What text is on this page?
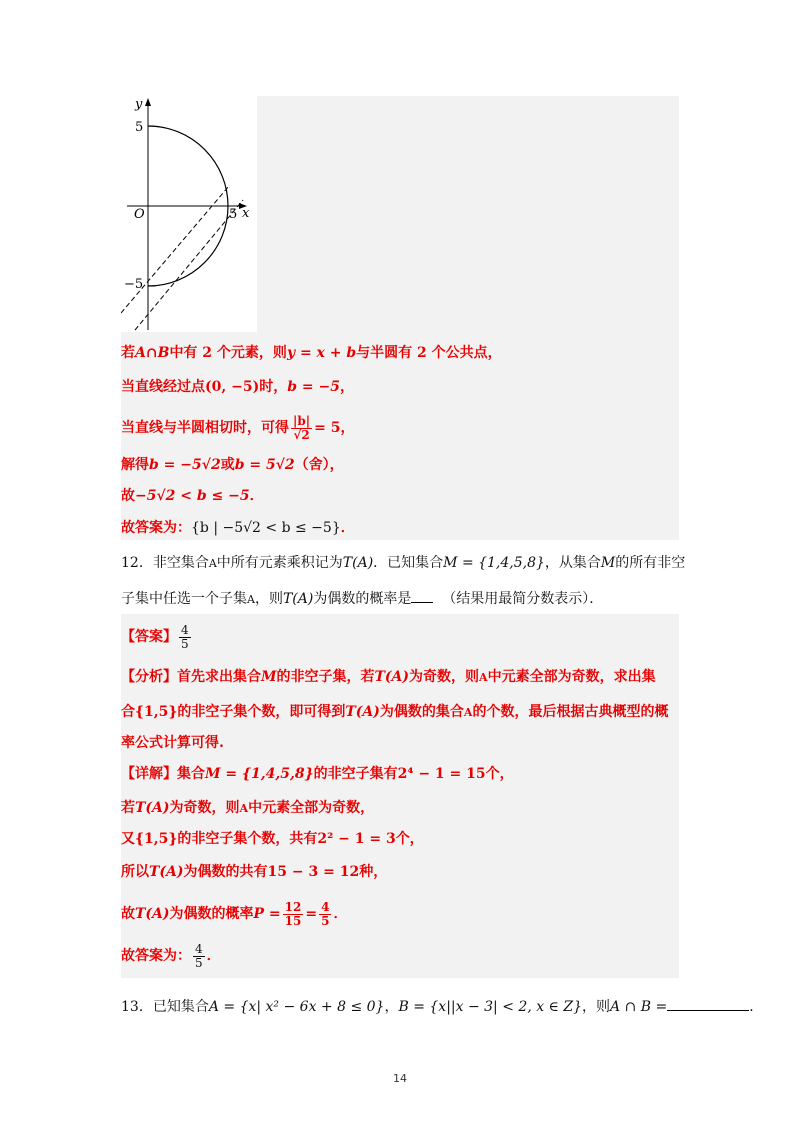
y
x
O
5
5
−5
若A∩B中有 2 个元素，则y = x + b与半圆有 2 个公共点，
当直线经过点(0, −5)时，b = −5，
当直线与半圆相切时，可得 $\frac{|b|}{√2} = 5$，
解得b = −5√2或b = 5√2（舍），
故−5√2 < b ≤ −5．
故答案为：{b | −5√2 < b ≤ −5}．
12．非空集合A中所有元素乘积记为T(A)．已知集合M = {1,4,5,8}，从集合M的所有非空
子集中任选一个子集A，则T(A)为偶数的概率是 （结果用最简分数表示）．
【答案】 $\frac{4}{5}$
【分析】首先求出集合M的非空子集，若T(A)为奇数，则A中元素全部为奇数，求出集
合{1,5}的非空子集个数，即可得到T(A)为偶数的集合A的个数，最后根据古典概型的概
率公式计算可得.
【详解】集合M = {1,4,5,8}的非空子集有2⁴ − 1 = 15个，
若T(A)为奇数，则A中元素全部为奇数，
又{1,5}的非空子集个数，共有2² − 1 = 3个，
所以T(A)为偶数的共有15 − 3 = 12种，
故T(A)为偶数的概率$P = \frac{12}{15} = \frac{4}{5}$ ．
故答案为： $\frac{4}{5}$ ．
13．已知集合A = {x| x² − 6x + 8 ≤ 0}，B = {x||x − 3| < 2, x ∈ Z}，则A ∩ B =	．
14
